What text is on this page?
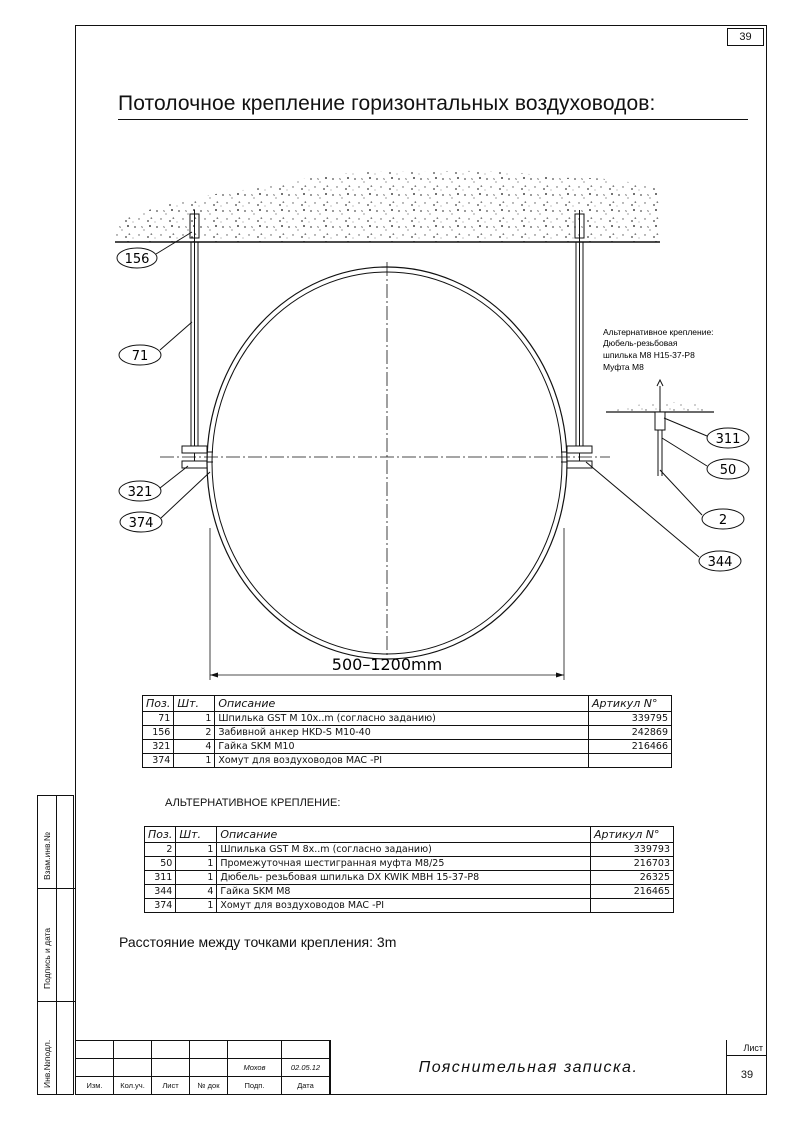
39
Потолочное крепление горизонтальных воздуховодов:
500–1200mm
Альтернативное крепление:
Дюбель-резьбовая
шпилька M8 H15-37-P8
Муфта M8
156
71
321
374
311
50
2
344
Поз.	Шт.	Описание	Артикул N°
71	1	Шпилька GST M 10x..m (согласно заданию)	339795
156	2	Забивной анкер HKD-S M10-40	242869
321	4	Гайка SKM M10	216466
374	1	Хомут для воздуховодов MAC -PI	
АЛЬТЕРНАТИВНОЕ КРЕПЛЕНИЕ:
Поз.	Шт.	Описание	Артикул N°
2	1	Шпилька GST M 8x..m (согласно заданию)	339793
50	1	Промежуточная шестигранная муфта M8/25	216703
311	1	Дюбель- резьбовая шпилька DX KWIK MBH 15-37-P8	26325
344	4	Гайка SKM M8	216465
374	1	Хомут для воздуховодов MAC -PI	
Расстояние между точками крепления: 3m
Взам.инв.№
Подпись и дата
Инв.№подл.

					Мохов	02.05.12
Изм.	Кол.уч.	Лист	№ док	Подп.	Дата
Пояснительная записка.
Лист
39
